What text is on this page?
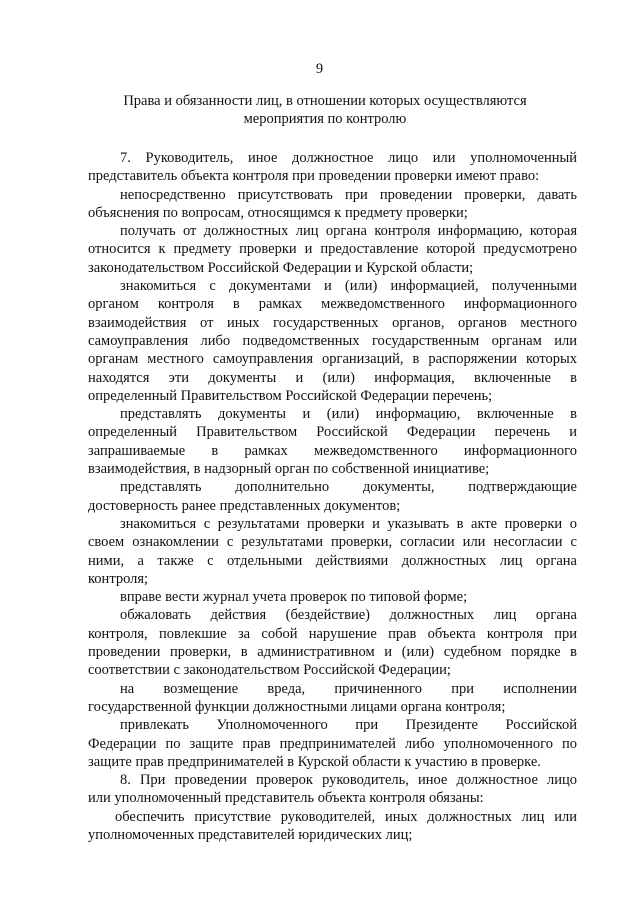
9
Права и обязанности лиц, в отношении которых осуществляются
мероприятия по контролю
7. Руководитель, иное должностное лицо или уполномоченный
представитель объекта контроля при проведении проверки имеют право:
непосредственно присутствовать при проведении проверки, давать
объяснения по вопросам, относящимся к предмету проверки;
получать от должностных лиц органа контроля информацию, которая
относится к предмету проверки и предоставление которой предусмотрено
законодательством Российской Федерации и Курской области;
знакомиться с документами и (или) информацией, полученными
органом контроля в рамках межведомственного информационного
взаимодействия от иных государственных органов, органов местного
самоуправления либо подведомственных государственным органам или
органам местного самоуправления организаций, в распоряжении которых
находятся эти документы и (или) информация, включенные в
определенный Правительством Российской Федерации перечень;
представлять документы и (или) информацию, включенные в
определенный Правительством Российской Федерации перечень и
запрашиваемые в рамках межведомственного информационного
взаимодействия, в надзорный орган по собственной инициативе;
представлять дополнительно документы, подтверждающие
достоверность ранее представленных документов;
знакомиться с результатами проверки и указывать в акте проверки о
своем ознакомлении с результатами проверки, согласии или несогласии с
ними, а также с отдельными действиями должностных лиц органа
контроля;
вправе вести журнал учета проверок по типовой форме;
обжаловать действия (бездействие) должностных лиц органа
контроля, повлекшие за собой нарушение прав объекта контроля при
проведении проверки, в административном и (или) судебном порядке в
соответствии с законодательством Российской Федерации;
на возмещение вреда, причиненного при исполнении
государственной функции должностными лицами органа контроля;
привлекать Уполномоченного при Президенте Российской
Федерации по защите прав предпринимателей либо уполномоченного по
защите прав предпринимателей в Курской области к участию в проверке.
8. При проведении проверок руководитель, иное должностное лицо
или уполномоченный представитель объекта контроля обязаны:
обеспечить присутствие руководителей, иных должностных лиц или
уполномоченных представителей юридических лиц;
